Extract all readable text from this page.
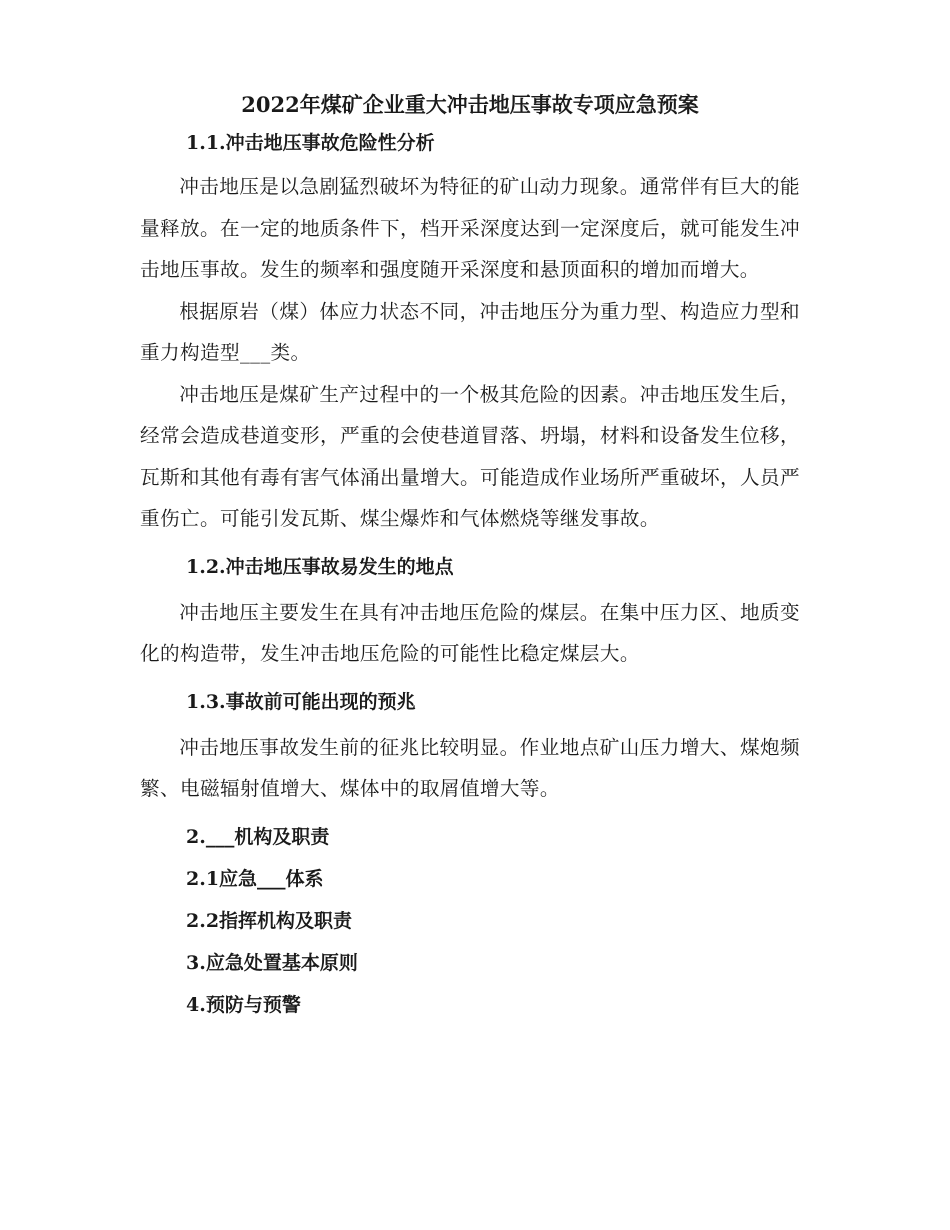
2022年煤矿企业重大冲击地压事故专项应急预案
1.1.冲击地压事故危险性分析

冲击地压是以急剧猛烈破坏为特征的矿山动力现象。通常伴有巨大的能量释放。在一定的地质条件下，档开采深度达到一定深度后，就可能发生冲击地压事故。发生的频率和强度随开采深度和悬顶面积的增加而增大。

根据原岩（煤）体应力状态不同，冲击地压分为重力型、构造应力型和重力构造型___类。

冲击地压是煤矿生产过程中的一个极其危险的因素。冲击地压发生后，经常会造成巷道变形，严重的会使巷道冒落、坍塌，材料和设备发生位移，瓦斯和其他有毒有害气体涌出量增大。可能造成作业场所严重破坏，人员严重伤亡。可能引发瓦斯、煤尘爆炸和气体燃烧等继发事故。

1.2.冲击地压事故易发生的地点

冲击地压主要发生在具有冲击地压危险的煤层。在集中压力区、地质变化的构造带，发生冲击地压危险的可能性比稳定煤层大。

1.3.事故前可能出现的预兆

冲击地压事故发生前的征兆比较明显。作业地点矿山压力增大、煤炮频繁、电磁辐射值增大、煤体中的取屑值增大等。

2.___机构及职责
2.1应急___体系
2.2指挥机构及职责
3.应急处置基本原则
4.预防与预警
